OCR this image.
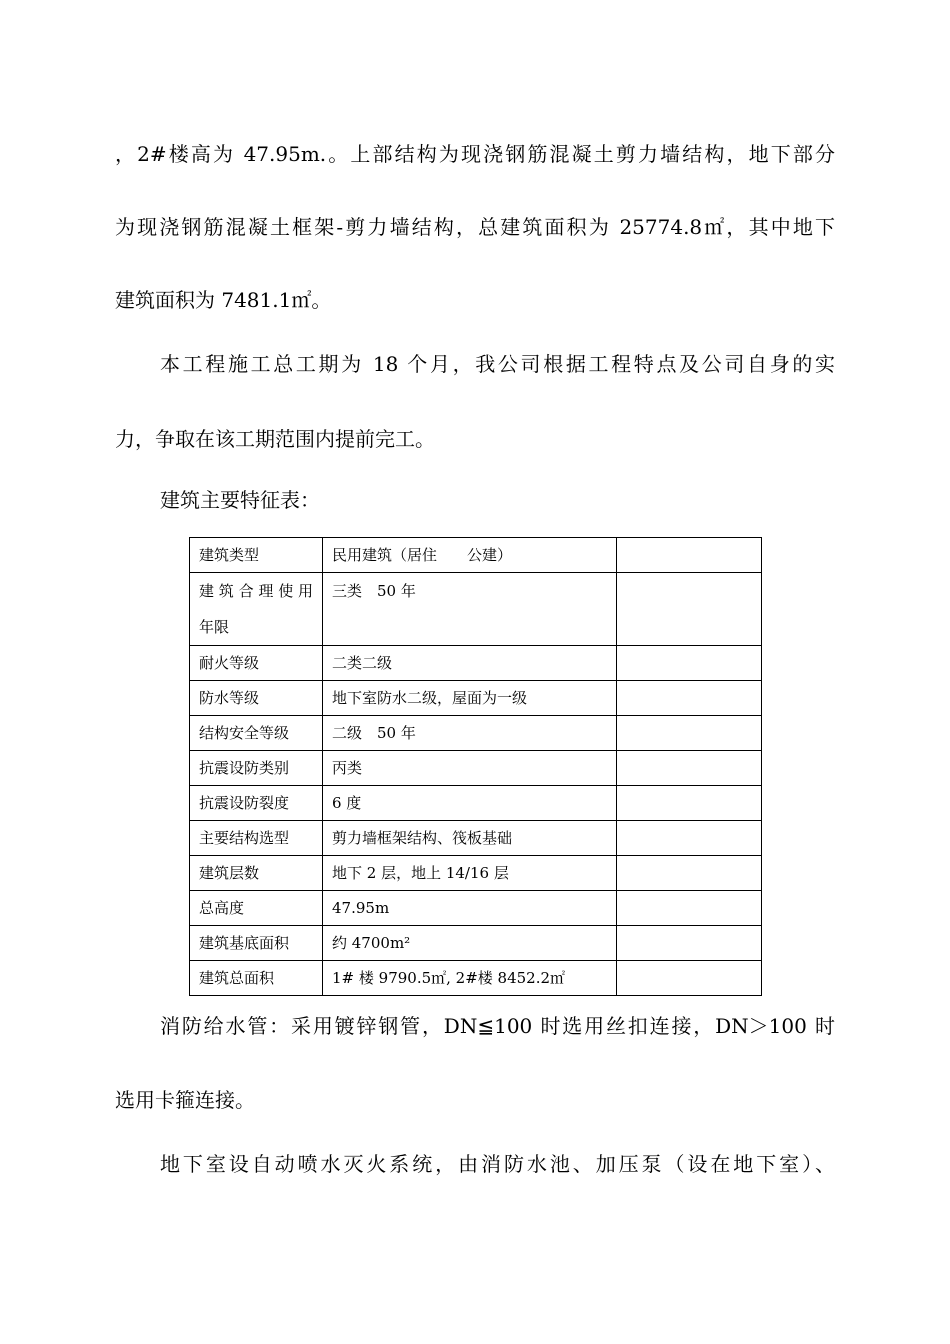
，2#楼高为 47.95m.。上部结构为现浇钢筋混凝土剪力墙结构，地下部分
为现浇钢筋混凝土框架-剪力墙结构，总建筑面积为 25774.8㎡，其中地下
建筑面积为 7481.1㎡。
本工程施工总工期为 18 个月，我公司根据工程特点及公司自身的实
力，争取在该工期范围内提前完工。
建筑主要特征表：
建筑类型	民用建筑（居住　　公建）	

建筑合理使用
年限	三类　50 年	
耐火等级	二类二级	
防水等级	地下室防水二级，屋面为一级	
结构安全等级	二级　50 年	
抗震设防类别	丙类	
抗震设防裂度	6 度	
主要结构选型	剪力墙框架结构、筏板基础	
建筑层数	地下 2 层，地上 14/16 层	
总高度	47.95m	
建筑基底面积	约 4700m²	
建筑总面积	1# 楼 9790.5㎡, 2#楼 8452.2㎡	
消防给水管：采用镀锌钢管，DN≦100 时选用丝扣连接，DN＞100 时
选用卡箍连接。
地下室设自动喷水灭火系统，由消防水池、加压泵（设在地下室）、
